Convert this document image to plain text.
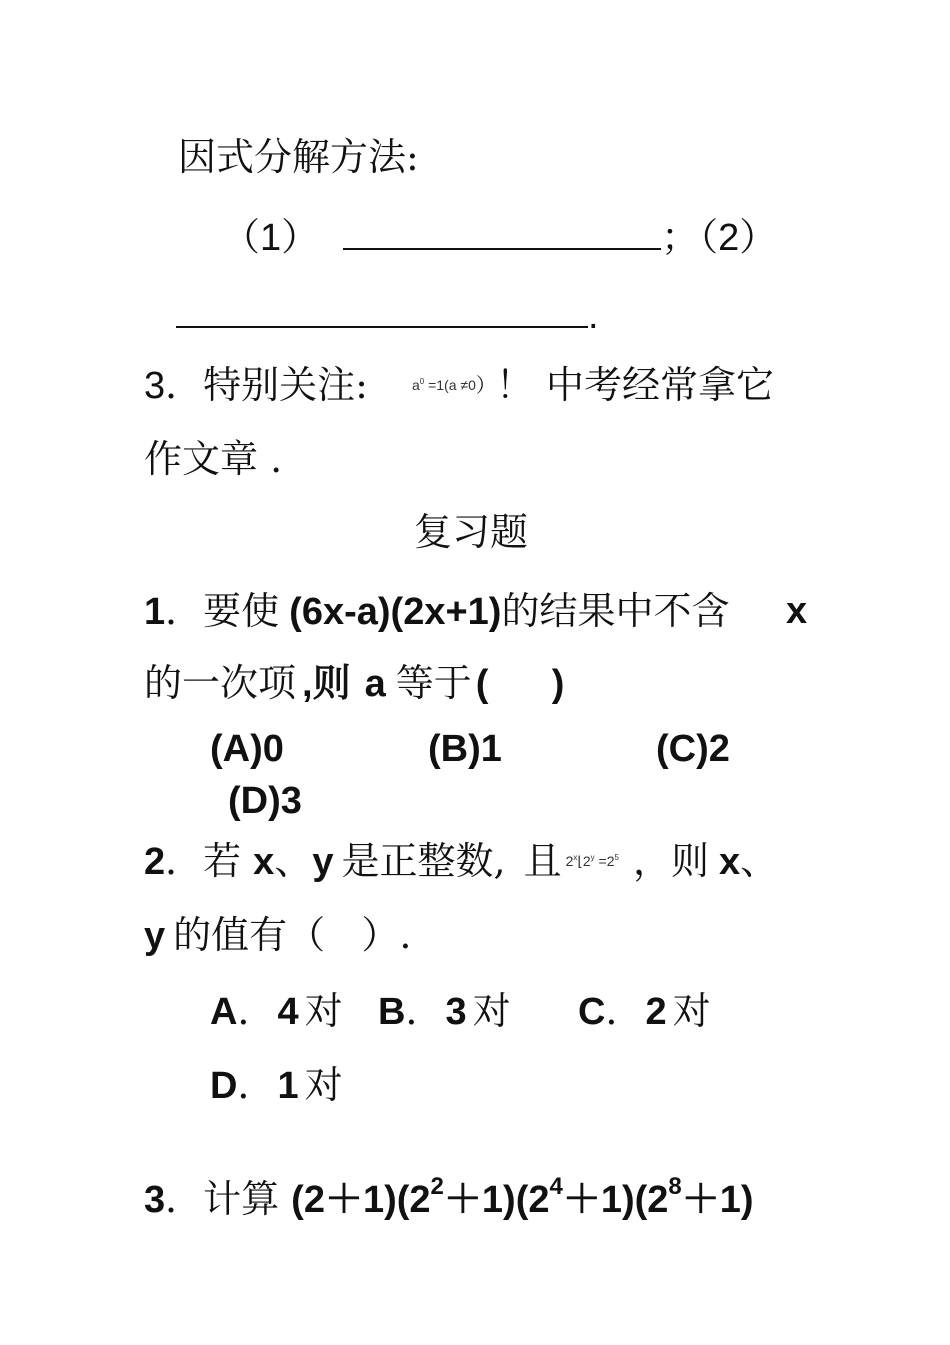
因式分解方法:
（1）	；（2）
.
3．特别关注:	$a^0 =1(a \ne 0)$！ 中考经常拿它
作文章 .
复习题
1．要使 (6x-a)(2x+1)的结果中不含 x
的一次项 ,则 a 等于 (      )
(A)0	(B)1	(C)2
(D)3
2．若 x、y 是正整数, 且 $2^x⌊2^y =2^5$ ，则 x、
y 的值有（   ）.
A．4 对 B．3 对 C．2 对
D．1 对
3．计算 $(2+1)(2^2+1)(2^4+1)(2^8+1)$
